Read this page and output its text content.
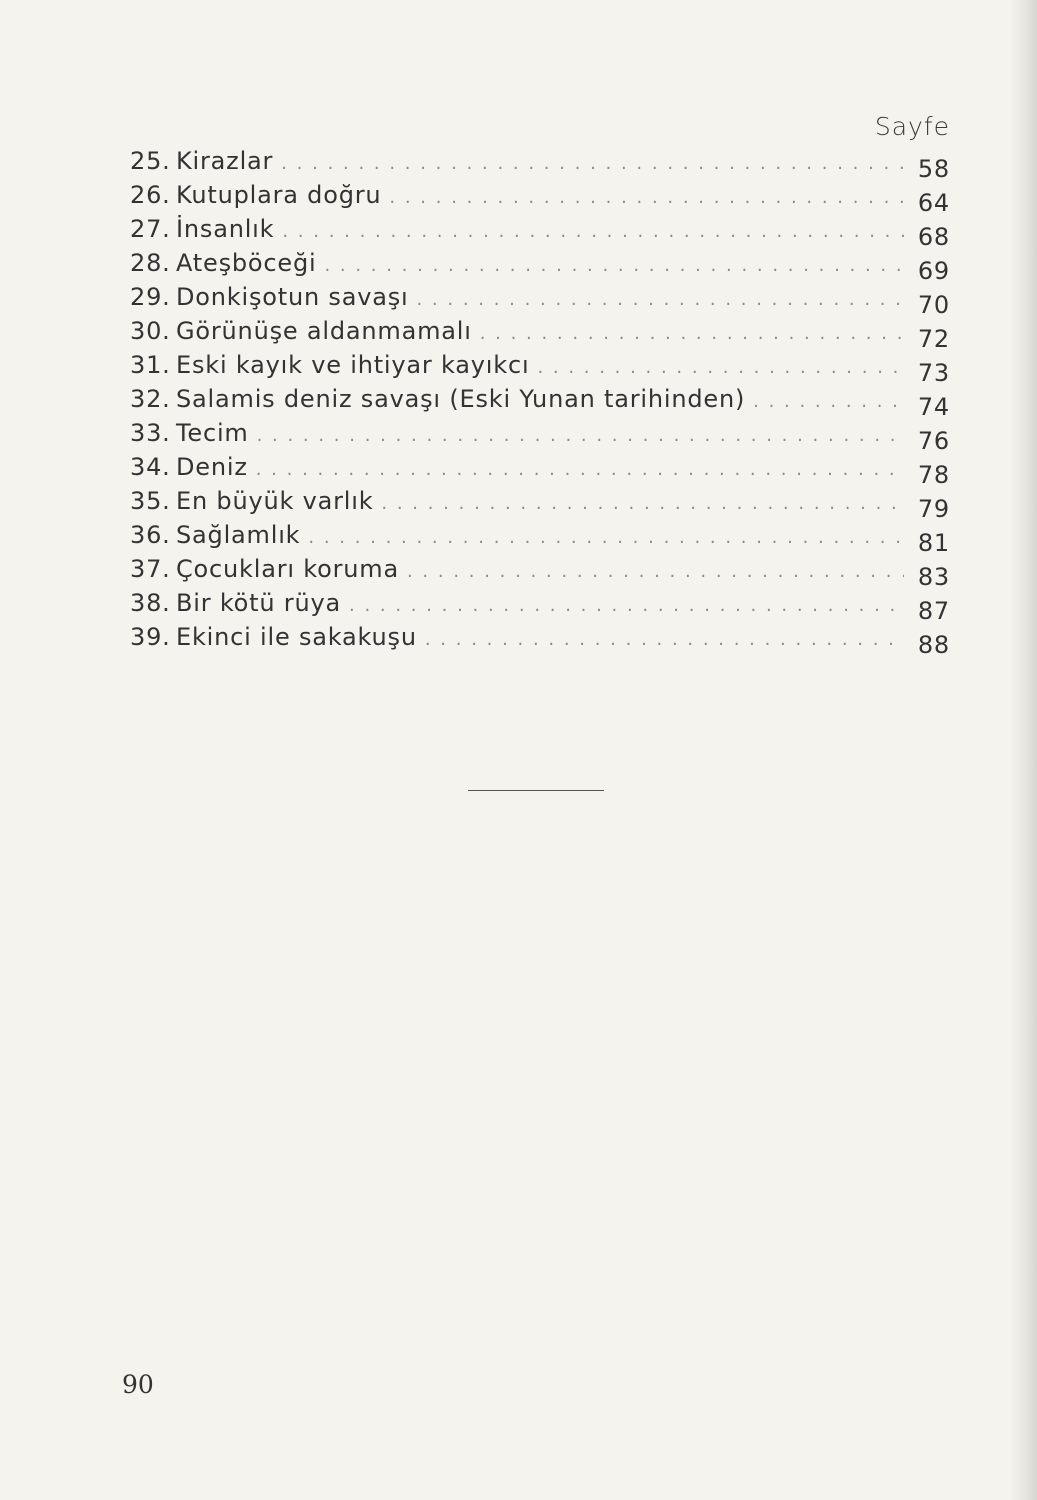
Sayfe
25. Kirazlar . . .	58
26. Kutuplara doğru . . .	64
27. İnsanlık . . .	68
28. Ateşböceği . . .	69
29. Donkişotun savaşı . . .	70
30. Görünüşe aldanmamalı . . .	72
31. Eski kayık ve ihtiyar kayıkcı . . .	73
32. Salamis deniz savaşı (Eski Yunan tarihinden) . . .	74
33. Tecim . . .	76
34. Deniz . . .	78
35. En büyük varlık . . .	79
36. Sağlamlık . . .	81
37. Çocukları koruma . . .	83
38. Bir kötü rüya . . .	87
39. Ekinci ile sakakuşu . . .	88
90
